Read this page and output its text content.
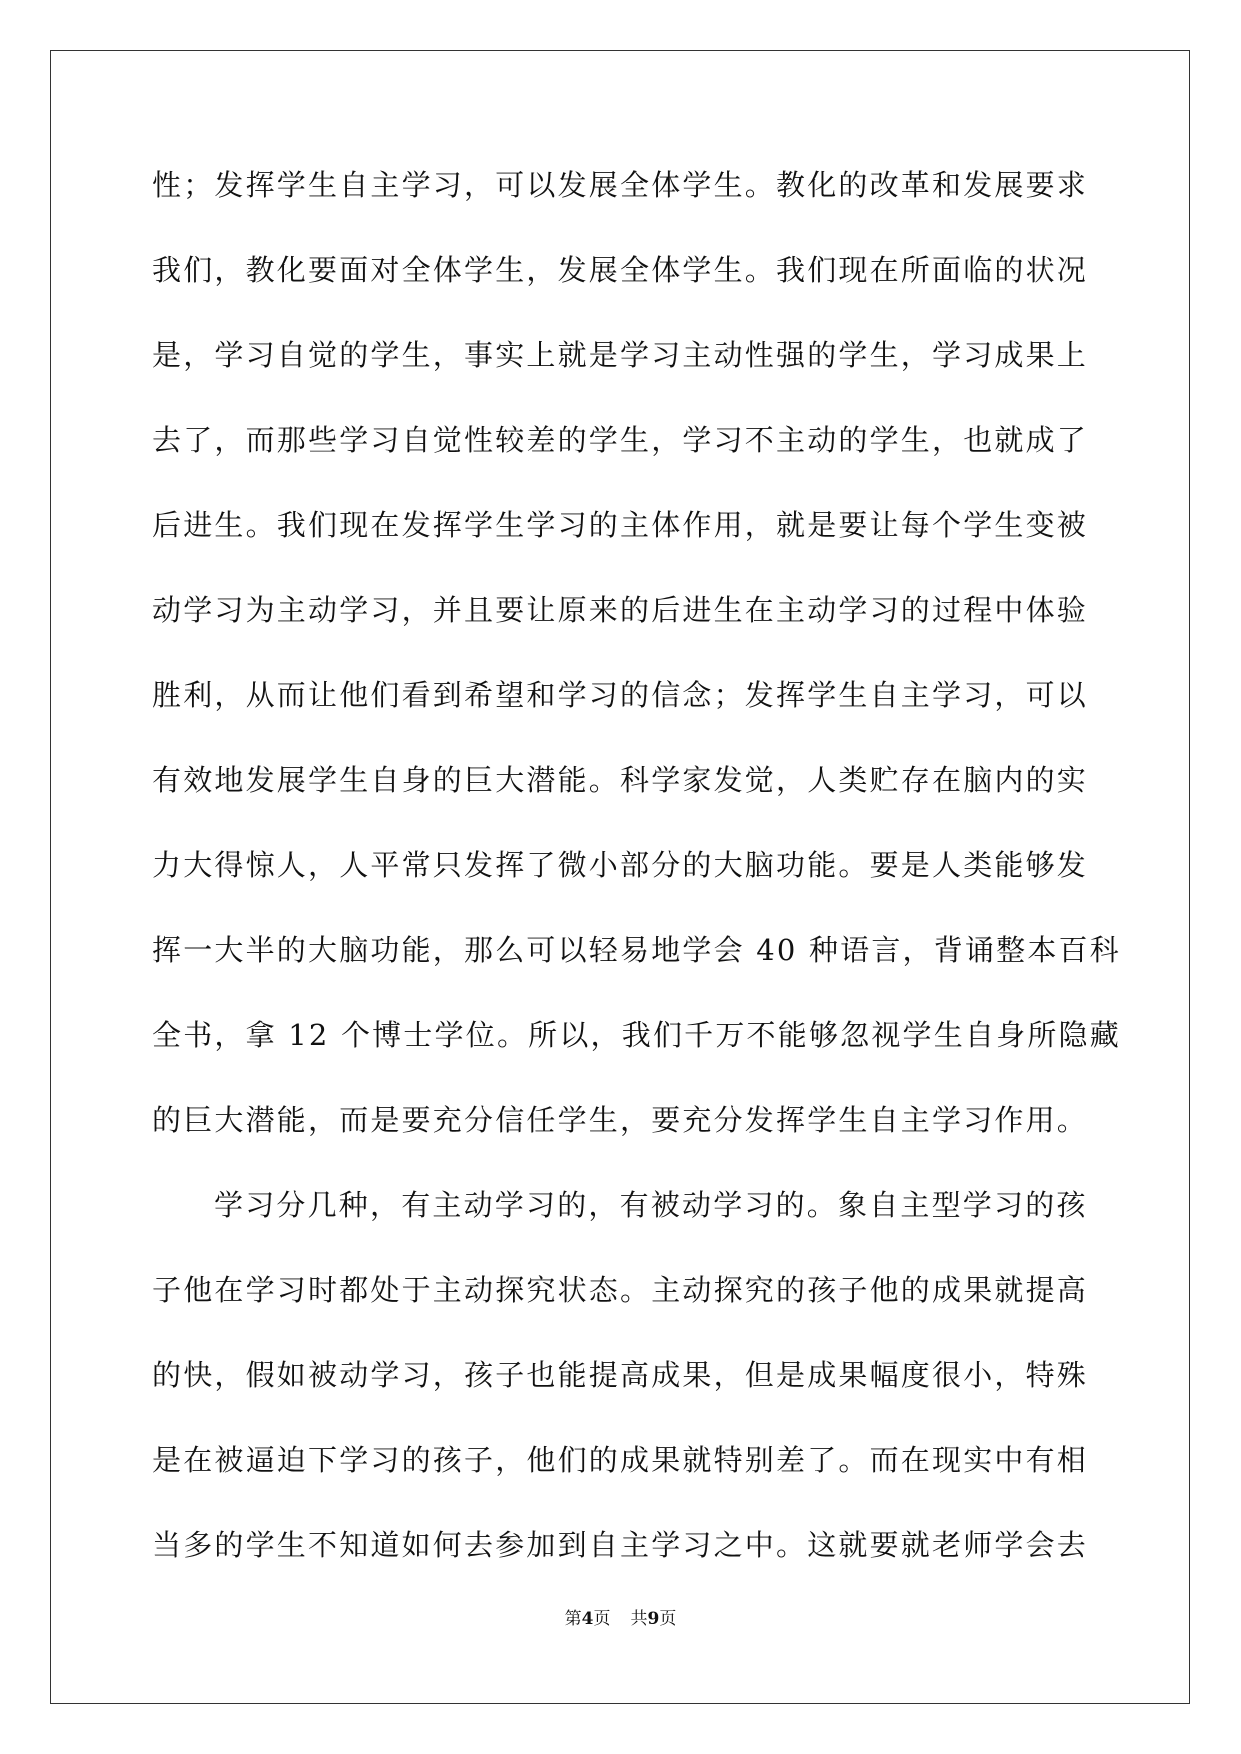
性；发挥学生自主学习，可以发展全体学生。教化的改革和发展要求
我们，教化要面对全体学生，发展全体学生。我们现在所面临的状况
是，学习自觉的学生，事实上就是学习主动性强的学生，学习成果上
去了，而那些学习自觉性较差的学生，学习不主动的学生，也就成了
后进生。我们现在发挥学生学习的主体作用，就是要让每个学生变被
动学习为主动学习，并且要让原来的后进生在主动学习的过程中体验
胜利，从而让他们看到希望和学习的信念；发挥学生自主学习，可以
有效地发展学生自身的巨大潜能。科学家发觉，人类贮存在脑内的实
力大得惊人，人平常只发挥了微小部分的大脑功能。要是人类能够发
挥一大半的大脑功能，那么可以轻易地学会 40 种语言，背诵整本百科
全书，拿 12 个博士学位。所以，我们千万不能够忽视学生自身所隐藏
的巨大潜能，而是要充分信任学生，要充分发挥学生自主学习作用。
学习分几种，有主动学习的，有被动学习的。象自主型学习的孩
子他在学习时都处于主动探究状态。主动探究的孩子他的成果就提高
的快，假如被动学习，孩子也能提高成果，但是成果幅度很小，特殊
是在被逼迫下学习的孩子，他们的成果就特别差了。而在现实中有相
当多的学生不知道如何去参加到自主学习之中。这就要就老师学会去
第4页 共9页
